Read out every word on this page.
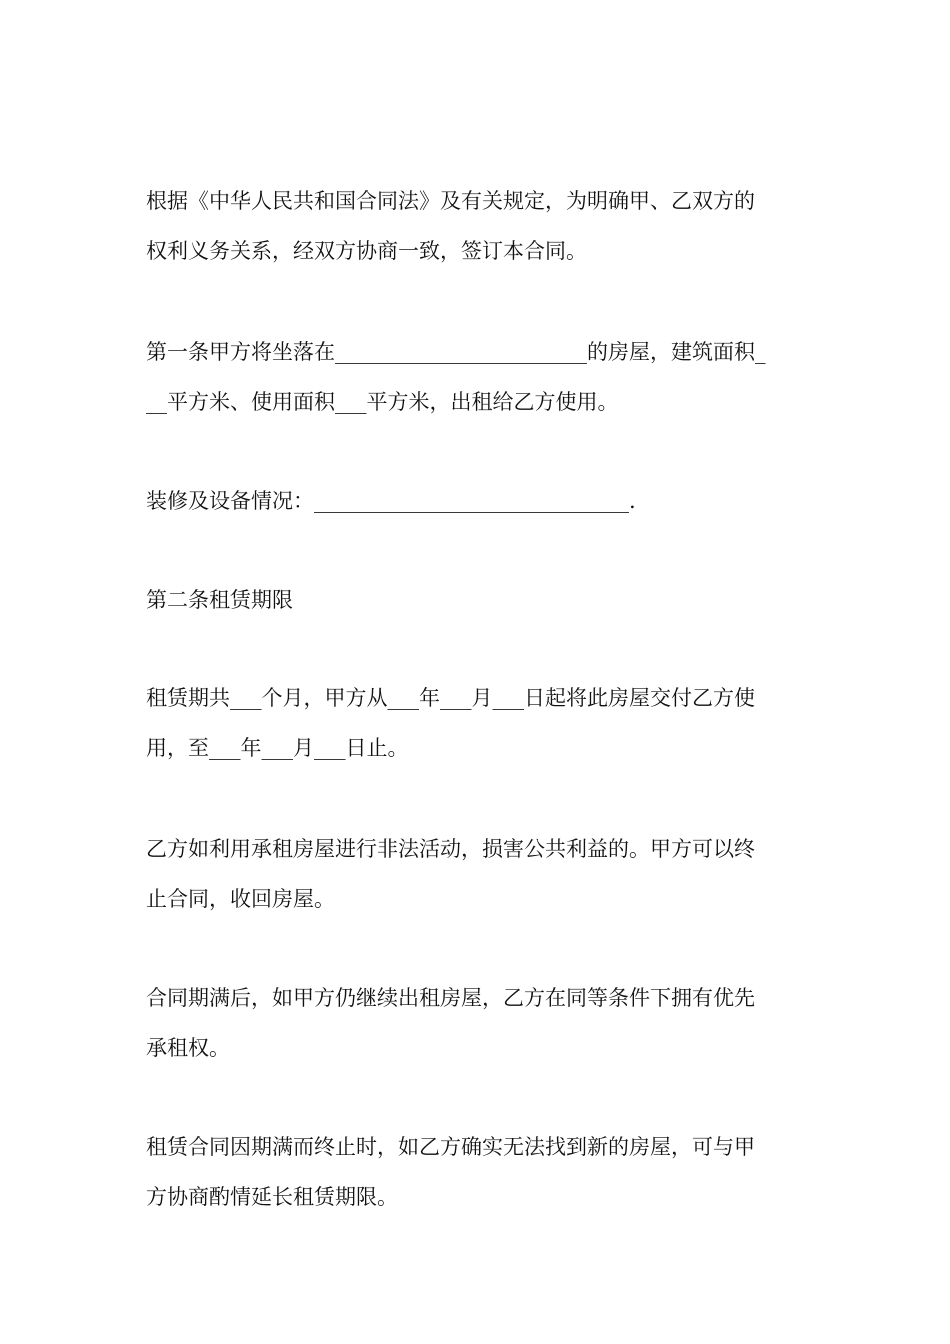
根据《中华人民共和国合同法》及有关规定，为明确甲、乙双方的
权利义务关系，经双方协商一致，签订本合同。

第一条甲方将坐落在________________________的房屋，建筑面积_
__平方米、使用面积___平方米，出租给乙方使用。

装修及设备情况：______________________________.

第二条租赁期限

租赁期共___个月，甲方从___年___月___日起将此房屋交付乙方使
用，至___年___月___日止。

乙方如利用承租房屋进行非法活动，损害公共利益的。甲方可以终
止合同，收回房屋。

合同期满后，如甲方仍继续出租房屋，乙方在同等条件下拥有优先
承租权。

租赁合同因期满而终止时，如乙方确实无法找到新的房屋，可与甲
方协商酌情延长租赁期限。
